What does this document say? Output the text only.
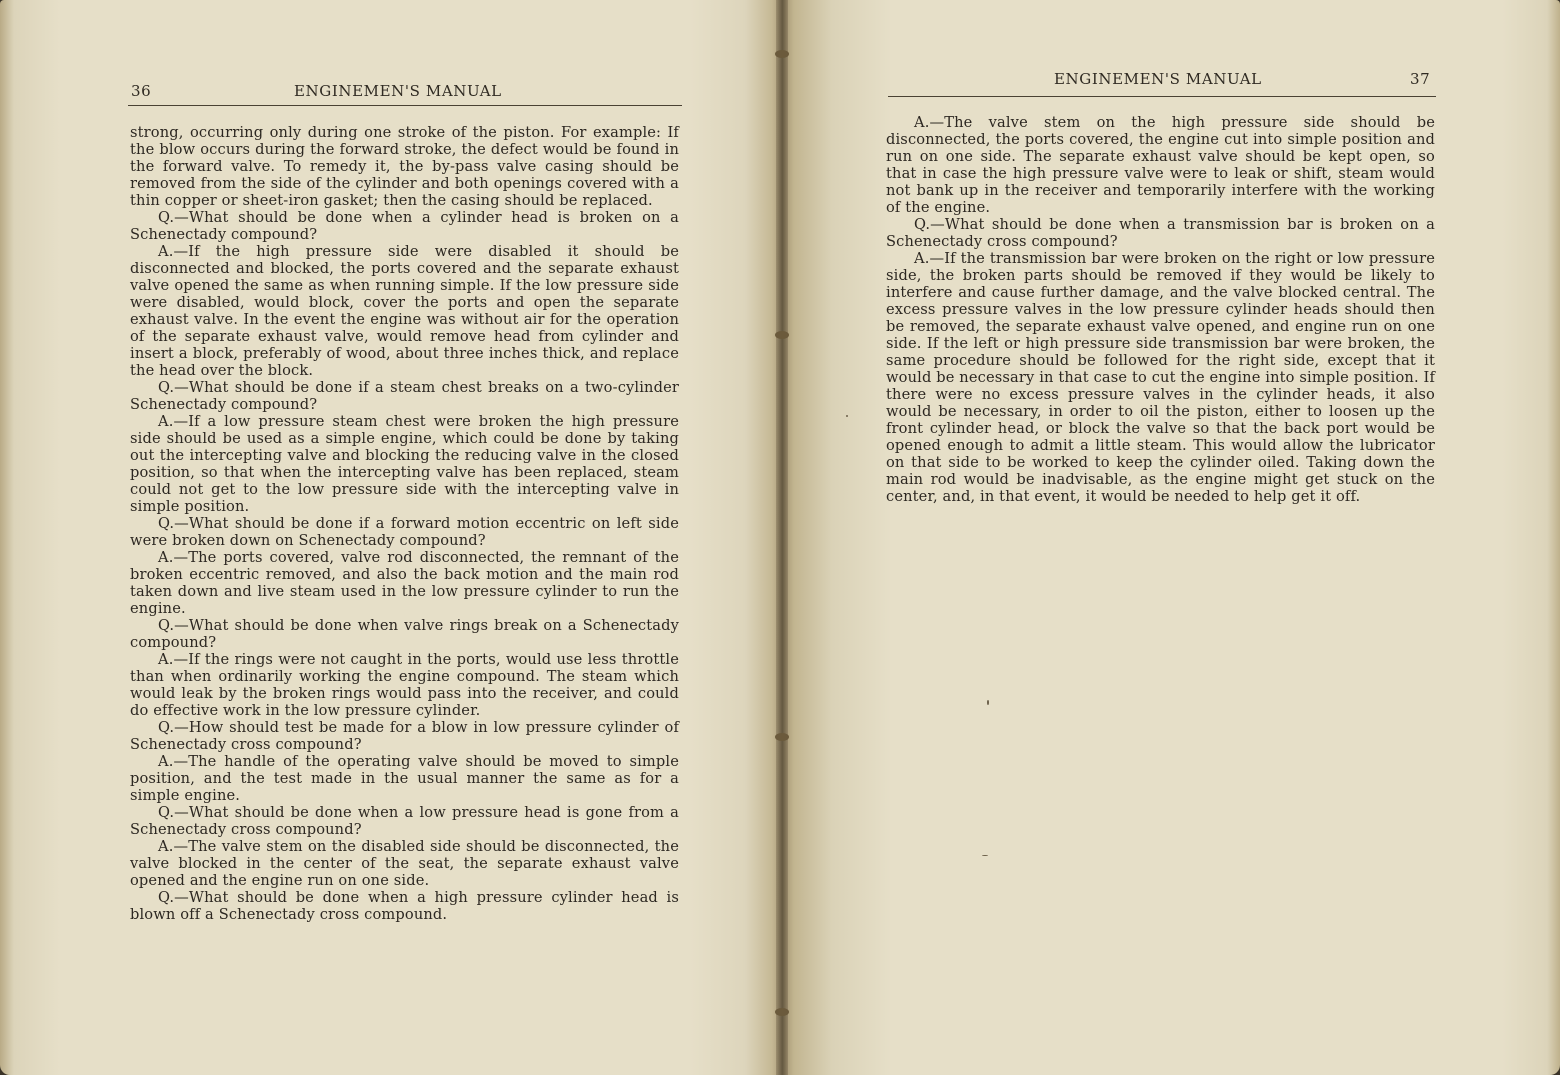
36	ENGINEMEN'S MANUAL

strong, occurring only during one stroke of the piston. For example: If the blow occurs during the forward stroke, the defect would be found in the forward valve. To remedy it, the by-pass valve casing should be removed from the side of the cylinder and both openings covered with a thin copper or sheet-iron gasket; then the casing should be replaced.

Q.—What should be done when a cylinder head is broken on a Schenectady compound?

A.—If the high pressure side were disabled it should be disconnected and blocked, the ports covered and the separate exhaust valve opened the same as when running simple. If the low pressure side were disabled, would block, cover the ports and open the separate exhaust valve. In the event the engine was without air for the operation of the separate exhaust valve, would remove head from cylinder and insert a block, preferably of wood, about three inches thick, and replace the head over the block.

Q.—What should be done if a steam chest breaks on a two-cylinder Schenectady compound?

A.—If a low pressure steam chest were broken the high pressure side should be used as a simple engine, which could be done by taking out the intercepting valve and blocking the reducing valve in the closed position, so that when the intercepting valve has been replaced, steam could not get to the low pressure side with the intercepting valve in simple position.

Q.—What should be done if a forward motion eccentric on left side were broken down on Schenectady compound?

A.—The ports covered, valve rod disconnected, the remnant of the broken eccentric removed, and also the back motion and the main rod taken down and live steam used in the low pressure cylinder to run the engine.

Q.—What should be done when valve rings break on a Schenectady compound?

A.—If the rings were not caught in the ports, would use less throttle than when ordinarily working the engine compound. The steam which would leak by the broken rings would pass into the receiver, and could do effective work in the low pressure cylinder.

Q.—How should test be made for a blow in low pressure cylinder of Schenectady cross compound?

A.—The handle of the operating valve should be moved to simple position, and the test made in the usual manner the same as for a simple engine.

Q.—What should be done when a low pressure head is gone from a Schenectady cross compound?

A.—The valve stem on the disabled side should be disconnected, the valve blocked in the center of the seat, the separate exhaust valve opened and the engine run on one side.

Q.—What should be done when a high pressure cylinder head is blown off a Schenectady cross compound.

ENGINEMEN'S MANUAL	37

A.—The valve stem on the high pressure side should be disconnected, the ports covered, the engine cut into simple position and run on one side. The separate exhaust valve should be kept open, so that in case the high pressure valve were to leak or shift, steam would not bank up in the receiver and temporarily interfere with the working of the engine.

Q.—What should be done when a transmission bar is broken on a Schenectady cross compound?

A.—If the transmission bar were broken on the right or low pressure side, the broken parts should be removed if they would be likely to interfere and cause further damage, and the valve blocked central. The excess pressure valves in the low pressure cylinder heads should then be removed, the separate exhaust valve opened, and engine run on one side. If the left or high pressure side transmission bar were broken, the same procedure should be followed for the right side, except that it would be necessary in that case to cut the engine into simple position. If there were no excess pressure valves in the cylinder heads, it also would be necessary, in order to oil the piston, either to loosen up the front cylinder head, or block the valve so that the back port would be opened enough to admit a little steam. This would allow the lubricator on that side to be worked to keep the cylinder oiled. Taking down the main rod would be inadvisable, as the engine might get stuck on the center, and, in that event, it would be needed to help get it off.
